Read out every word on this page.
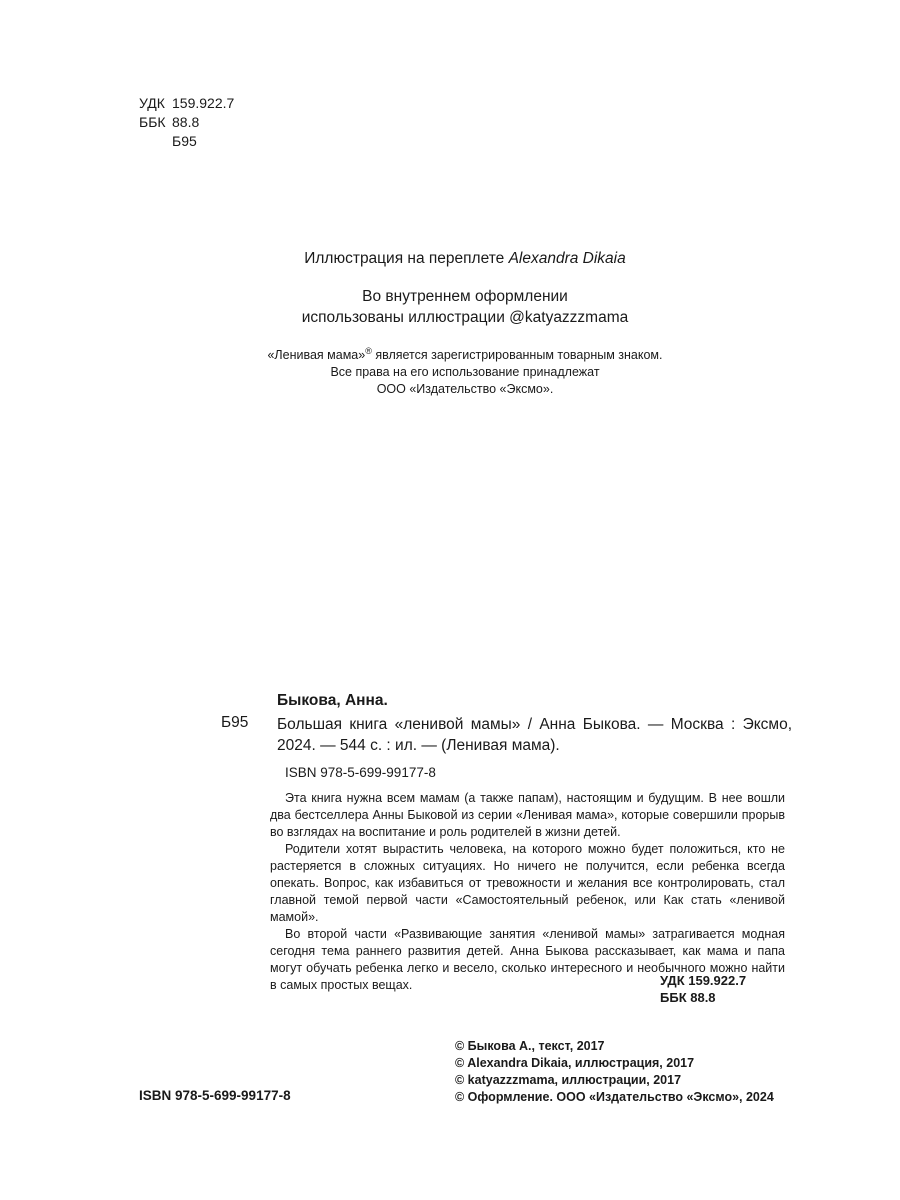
УДК 159.922.7
ББК 88.8
Б95
Иллюстрация на переплете Alexandra Dikaia
Во внутреннем оформлении
использованы иллюстрации @katyazzzmama
«Ленивая мама»® является зарегистрированным товарным знаком.
Все права на его использование принадлежат
ООО «Издательство «Эксмо».
Быкова, Анна.
Б95 Большая книга «ленивой мамы» / Анна Быкова. — Москва : Эксмо, 2024. — 544 с. : ил. — (Ленивая мама).
ISBN 978-5-699-99177-8

Эта книга нужна всем мамам (а также папам), настоящим и будущим. В нее вошли два бестселлера Анны Быковой из серии «Ленивая мама», которые совершили прорыв во взглядах на воспитание и роль родителей в жизни детей.

Родители хотят вырастить человека, на которого можно будет положиться, кто не растеряется в сложных ситуациях. Но ничего не получится, если ребенка всегда опекать. Вопрос, как избавиться от тревожности и желания все контролировать, стал главной темой первой части «Самостоятельный ребенок, или Как стать «ленивой мамой».

Во второй части «Развивающие занятия «ленивой мамы» затрагивается модная сегодня тема раннего развития детей. Анна Быкова рассказывает, как мама и папа могут обучать ребенка легко и весело, сколько интересного и необычного можно найти в самых простых вещах.	УДК 159.922.7
ББК 88.8
ISBN 978-5-699-99177-8
© Быкова А., текст, 2017
© Alexandra Dikaia, иллюстрация, 2017
© katyazzzmama, иллюстрации, 2017
© Оформление. ООО «Издательство «Эксмо», 2024
